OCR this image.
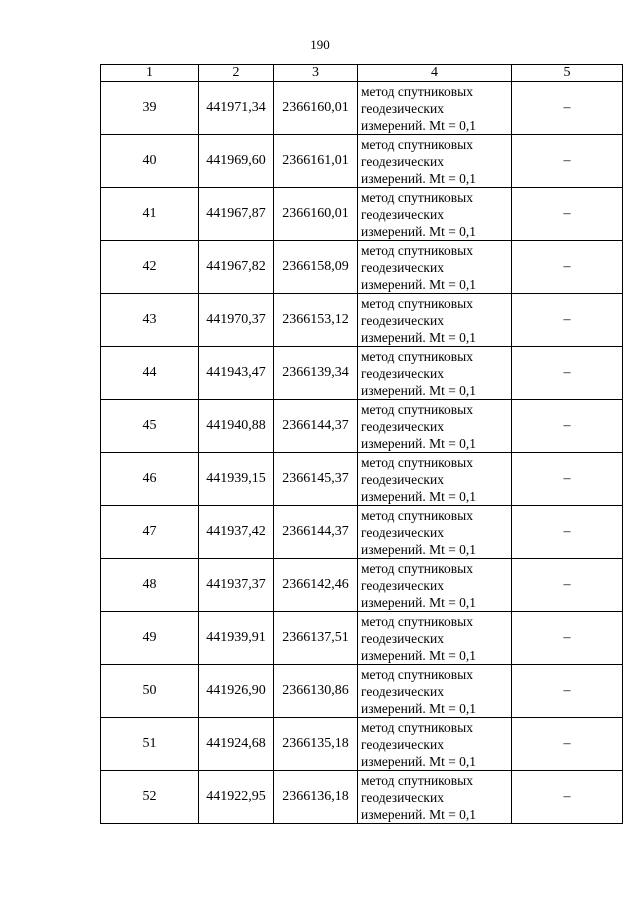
190
1	2	3	4	5
39	441971,34	2366160,01	метод спутниковых
геодезических
измерений. Mt = 0,1	–
40	441969,60	2366161,01	метод спутниковых
геодезических
измерений. Mt = 0,1	–
41	441967,87	2366160,01	метод спутниковых
геодезических
измерений. Mt = 0,1	–
42	441967,82	2366158,09	метод спутниковых
геодезических
измерений. Mt = 0,1	–
43	441970,37	2366153,12	метод спутниковых
геодезических
измерений. Mt = 0,1	–
44	441943,47	2366139,34	метод спутниковых
геодезических
измерений. Mt = 0,1	–
45	441940,88	2366144,37	метод спутниковых
геодезических
измерений. Mt = 0,1	–
46	441939,15	2366145,37	метод спутниковых
геодезических
измерений. Mt = 0,1	–
47	441937,42	2366144,37	метод спутниковых
геодезических
измерений. Mt = 0,1	–
48	441937,37	2366142,46	метод спутниковых
геодезических
измерений. Mt = 0,1	–
49	441939,91	2366137,51	метод спутниковых
геодезических
измерений. Mt = 0,1	–
50	441926,90	2366130,86	метод спутниковых
геодезических
измерений. Mt = 0,1	–
51	441924,68	2366135,18	метод спутниковых
геодезических
измерений. Mt = 0,1	–
52	441922,95	2366136,18	метод спутниковых
геодезических
измерений. Mt = 0,1	–
